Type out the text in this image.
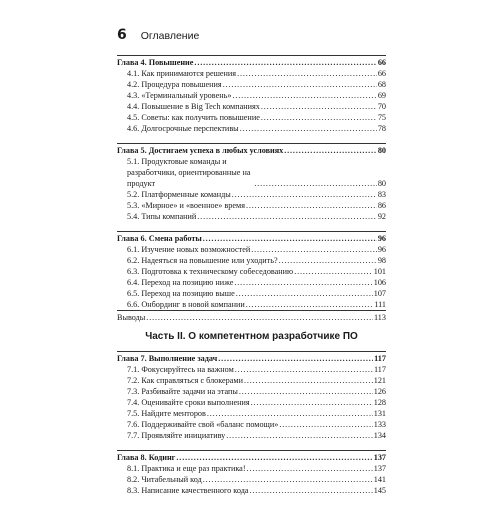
6 Оглавление
Глава 4. Повышение . . .	66
4.1. Как принимаются решения . . .	66
4.2. Процедура повышения . . .	68
4.3. «Терминальный уровень» . . .	69
4.4. Повышение в Big Tech компаниях . . .	70
4.5. Советы: как получить повышение . . .	75
4.6. Долгосрочные перспективы . . .	78
Глава 5. Достигаем успеха в любых условиях . . .	80
5.1. Продуктовые команды и разработчики, ориентированные на продукт . . .	80
5.2. Платформенные команды . . .	83
5.3. «Мирное» и «военное» время . . .	86
5.4. Типы компаний . . .	92
Глава 6. Смена работы . . .	96
6.1. Изучение новых возможностей . . .	96
6.2. Надеяться на повышение или уходить? . . .	98
6.3. Подготовка к техническому собеседованию . . .	101
6.4. Переход на позицию ниже . . .	106
6.5. Переход на позицию выше . . .	107
6.6. Онбординг в новой компании . . .	111
Выводы . . .	113
Часть II. О компетентном разработчике ПО
Глава 7. Выполнение задач . . .	117
7.1. Фокусируйтесь на важном . . .	117
7.2. Как справляться с блокерами . . .	121
7.3. Разбивайте задачи на этапы . . .	126
7.4. Оценивайте сроки выполнения . . .	128
7.5. Найдите менторов . . .	131
7.6. Поддерживайте свой «баланс помощи» . . .	133
7.7. Проявляйте инициативу . . .	134
Глава 8. Кодинг . . .	137
8.1. Практика и еще раз практика! . . .	137
8.2. Читабельный код . . .	141
8.3. Написание качественного кода . . .	145
